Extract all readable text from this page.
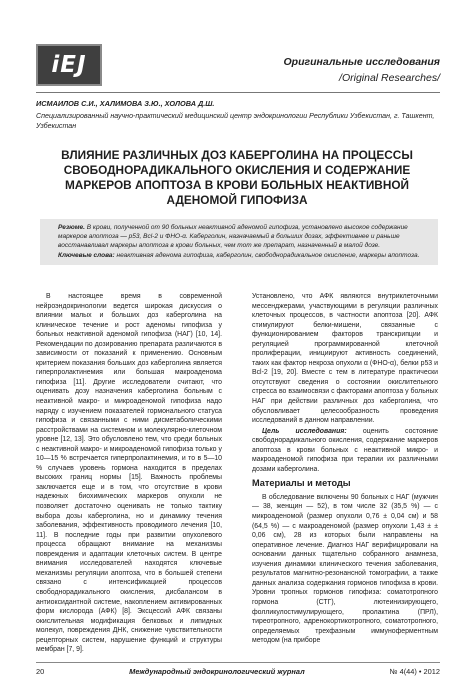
iEJ	Оригинальные исследования
/Original Researches/
ИСМАИЛОВ С.И., ХАЛИМОВА З.Ю., ХОЛОВА Д.Ш.
Специализированный научно-практический медицинский центр эндокринологии Республики Узбекистан, г. Ташкент, Узбекистан
ВЛИЯНИЕ РАЗЛИЧНЫХ ДОЗ КАБЕРГОЛИНА НА ПРОЦЕССЫ СВОБОДНОРАДИКАЛЬНОГО ОКИСЛЕНИЯ И СОДЕРЖАНИЕ МАРКЕРОВ АПОПТОЗА В КРОВИ БОЛЬНЫХ НЕАКТИВНОЙ АДЕНОМОЙ ГИПОФИЗА

Резюме. В крови, полученной от 90 больных неактивной аденомой гипофиза, установлено высокое содержание маркеров апоптоза — р53, Bcl-2 и ФНО-α. Каберголин, назначаемый в больших дозах, эффективнее и раньше восстанавливал маркеры апоптоза в крови больных, чем тот же препарат, назначенный в малой дозе.

Ключевые слова: неактивная аденома гипофиза, каберголин, свободнорадикальное окисление, маркеры апоптоза.

В настоящее время в современной нейроэндокринологии ведется широкая дискуссия о влиянии малых и больших доз каберголина на клиническое течение и рост аденомы гипофиза у больных неактивной аденомой гипофиза (НАГ) [10, 14]. Рекомендации по дозированию препарата различаются в зависимости от показаний к применению. Основным критерием показания больших доз каберголина является гиперпролактинемия или большая макроаденома гипофиза [11]. Другие исследователи считают, что оценивать дозу назначения каберголина больным с неактивной макро- и микроаденомой гипофиза надо наряду с изучением показателей гормонального статуса гипофиза и связанными с ними дисметаболическими расстройствами на системном и молекулярно-клеточном уровне [12, 13]. Это обусловлено тем, что среди больных с неактивной макро- и микроаденомой гипофиза только у 10—15 % встречается гиперпролактинемия, и то в 5—10 % случаев уровень гормона находится в пределах высоких границ нормы [15]. Важность проблемы заключается еще и в том, что отсутствие в крови надежных биохимических маркеров опухоли не позволяет достаточно оценивать не только тактику выбора дозы каберголина, но и динамику течения заболевания, эффективность проводимого лечения [10, 11]. В последние годы при развитии опухолевого процесса обращают внимание на механизмы повреждения и адаптации клеточных систем. В центре внимания исследователей находятся ключевые механизмы регуляции апоптоза, что в большей степени связано с интенсификацией процессов свободнорадикального окисления, дисбалансом в антиоксидантной системе, накоплением активированных форм кислорода (АФК) [8]. Эксцессий АФК связаны окислительная модификация белковых и липидных молекул, повреждения ДНК, снижение чувствительности рецепторных систем, нарушение функций и структуры мембран [7, 9].

Установлено, что АФК являются внутриклеточными мессенджерами, участвующими в регуляции различных клеточных процессов, в частности апоптоза [20]. АФК стимулируют белки-мишени, связанные с функционированием факторов транскрипции и регуляцией программированной клеточной пролиферации, инициируют активность соединений, таких как фактор некроза опухоли α (ФНО-α), белки р53 и Bcl-2 [19, 20]. Вместе с тем в литературе практически отсутствуют сведения о состоянии окислительного стресса во взаимосвязи с факторами апоптоза у больных НАГ при действии различных доз каберголина, что обусловливает целесообразность проведения исследований в данном направлении.

Цель исследования: оценить состояние свободнорадикального окисления, содержание маркеров апоптоза в крови больных с неактивной микро- и макроаденомой гипофиза при терапии их различными дозами каберголина.

Материалы и методы

В обследование включены 90 больных с НАГ (мужчин — 38, женщин — 52), в том числе 32 (35,5 %) — с микроаденомой (размер опухоли 0,76 ± 0,04 см) и 58 (64,5 %) — с макроаденомой (размер опухоли 1,43 ± ± 0,06 см), 28 из которых были направлены на оперативное лечение. Диагноз НАГ верифицировали на основании данных тщательно собранного анамнеза, изучения динамики клинического течения заболевания, результатов магнитно-резонансной томографии, а также данных анализа содержания гормонов гипофиза в крови. Уровни тропных гормонов гипофиза: соматотропного гормона (СТГ), лютеинизирующего, фолликулостимулирующего, пролактина (ПРЛ), тиреотропного, адренокортикотропного, соматотропного, определяемых трехфазным иммуноферментным методом (на приборе

20	Международный эндокринологический журнал	№ 4(44) • 2012
